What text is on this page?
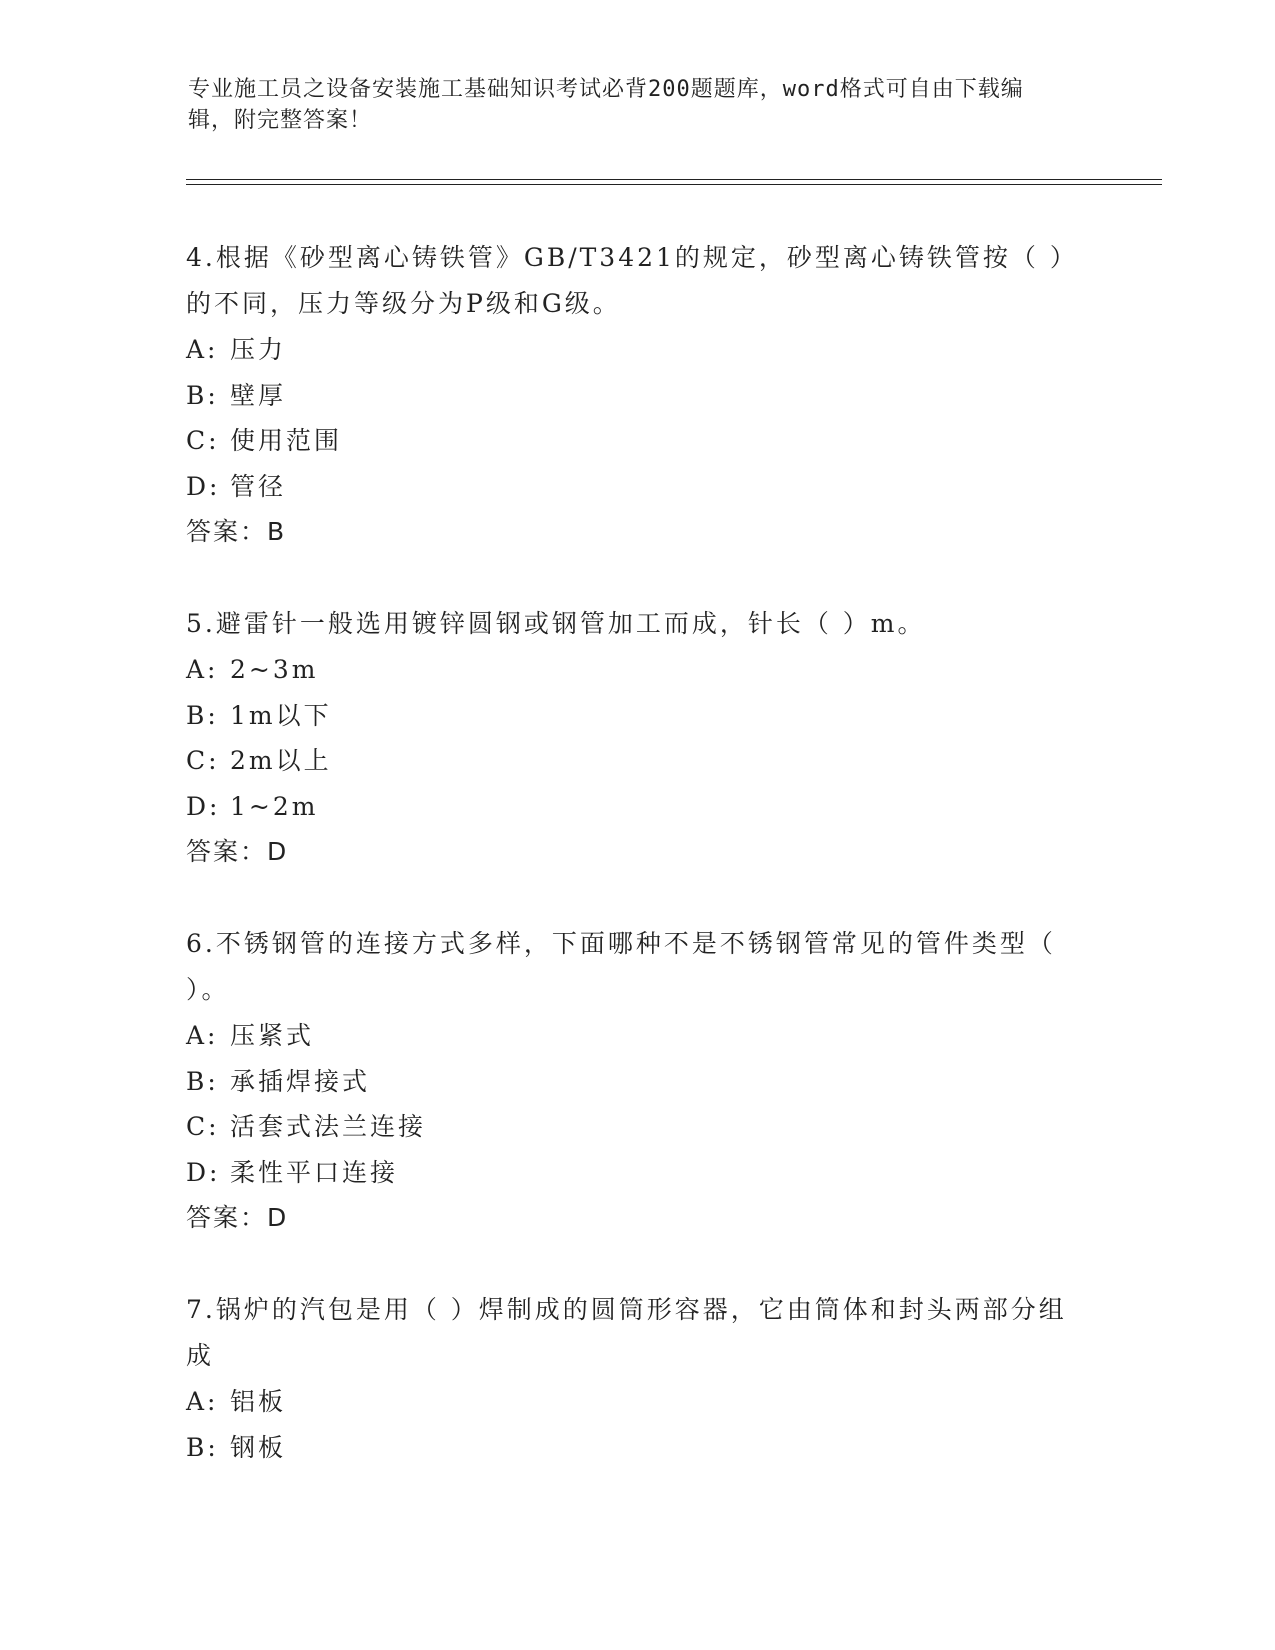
专业施工员之设备安装施工基础知识考试必背200题题库，word格式可自由下载编辑，附完整答案！
4.根据《砂型离心铸铁管》GB/T3421的规定，砂型离心铸铁管按（ ）的不同，压力等级分为P级和G级。
A: 压力
B: 壁厚
C: 使用范围
D: 管径
答案：B
5.避雷针一般选用镀锌圆钢或钢管加工而成，针长（ ）m。
A: 2~3m
B: 1m以下
C: 2m以上
D: 1~2m
答案：D
6.不锈钢管的连接方式多样，下面哪种不是不锈钢管常见的管件类型（ ）。
A: 压紧式
B: 承插焊接式
C: 活套式法兰连接
D: 柔性平口连接
答案：D
7.锅炉的汽包是用（ ）焊制成的圆筒形容器，它由筒体和封头两部分组成
A: 铝板
B: 钢板
